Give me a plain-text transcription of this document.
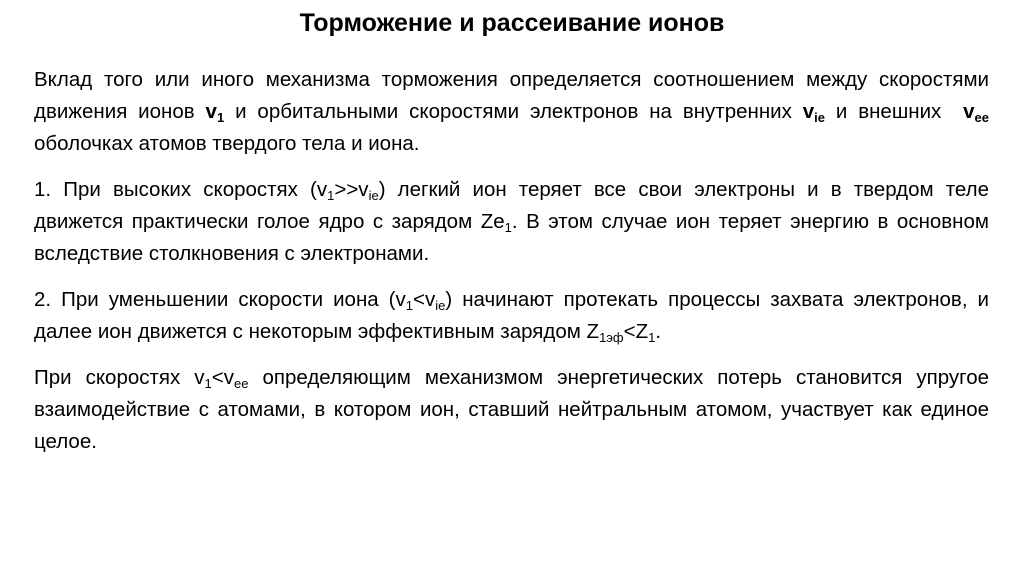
Торможение и рассеивание ионов

Вклад того или иного механизма торможения определяется соотношением между скоростями движения ионов $v_1$ и орбитальными скоростями электронов на внутренних $v_{ie}$ и внешних  $v_{ee}$ оболочках атомов твердого тела и иона.

1. При высоких скоростях $(v_1>>v_{ie})$ легкий ион теряет все свои электроны и в твердом теле движется практически голое ядро с зарядом $Ze_1$. В этом случае ион теряет энергию в основном вследствие столкновения с электронами.

2. При уменьшении скорости иона $(v_1<v_{ie})$ начинают протекать процессы захвата электронов, и далее ион движется с некоторым эффективным зарядом $Z_{1эф}<Z_1$.

При скоростях $v_1<v_{ee}$ определяющим механизмом энергетических потерь становится упругое взаимодействие с атомами, в котором ион, ставший нейтральным атомом, участвует как единое целое.
